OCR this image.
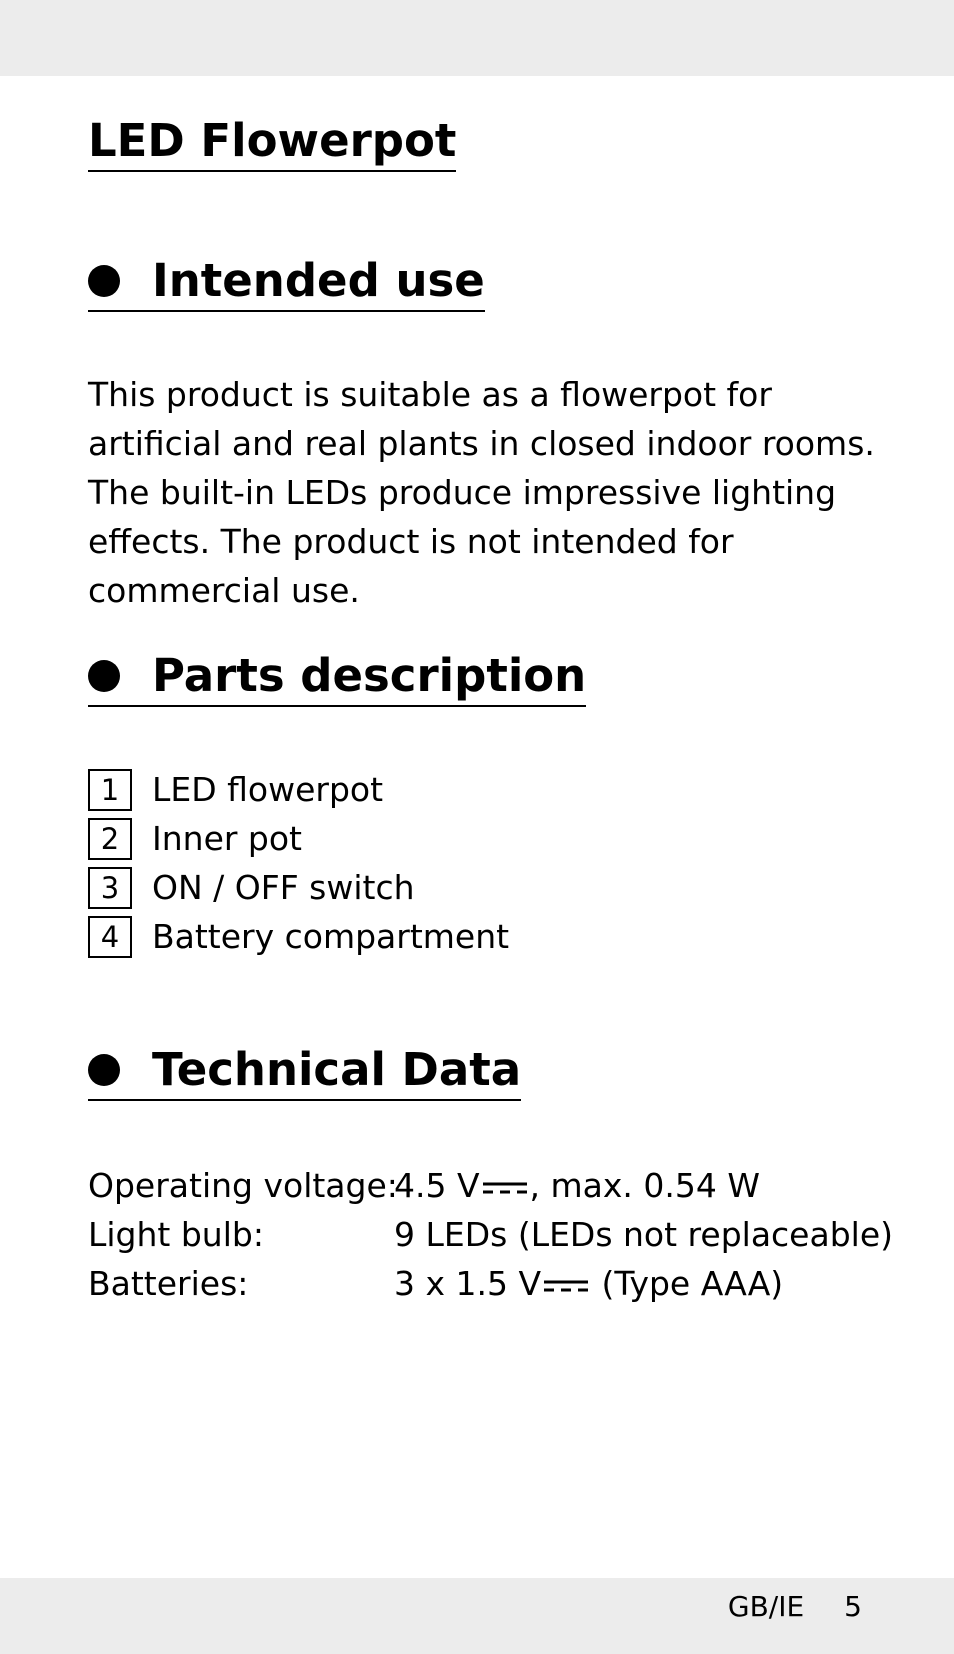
LED Flowerpot
Intended use

This product is suitable as a flowerpot for artificial and real plants in closed indoor rooms. The built-in LEDs produce impressive lighting effects. The product is not intended for commercial use.

Parts description
1 LED flowerpot
2 Inner pot
3 ON / OFF switch
4 Battery compartment
Technical Data
Operating voltage:
4.5 V , max. 0.54 W
Light bulb:	9 LEDs (LEDs not replaceable)
Batteries:	3 x 1.5 V (Type AAA)
GB/IE 5
